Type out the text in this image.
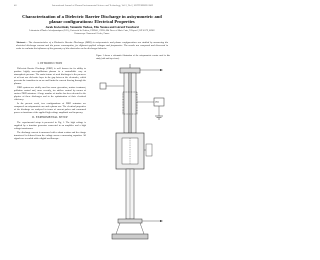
48	International Journal of Plasma Environmental Science and Technology, Vol.3, No.2, SEPTEMBER 2009
Characterization of a Dielectric Barrier Discharge in axisymmetric and planar configurations: Electrical Properties
Jacek Kwieciński, Venanziu Tudose, Elio Nesma and Gérard Touchard
Laboratoire d'Études Aérodynamiques (LEA), Université de Poitiers, ENSMA, CNRS; Bld Pierre et Marie Curie, Téléport 2, BP 30179, 86962 Futuroscope Chasseneuil Cedex, France
Abstract— The characteristics of a Dielectric Barrier Discharge (DBD) in axisymmetric and planar configurations are studied by measuring the electrical discharge current and the power consumption, for different applied voltages and frequencies. The results are compared and discussed in order to evaluate the influence of the geometry of the electrodes on the discharge behavior.
I. INTRODUCTION
Dielectric Barrier Discharge (DBD) is well known for its ability to produce highly non-equilibrium plasma in a controllable way at atmospheric pressure. The main feature of such discharges is the presence of at least one dielectric layer in the gap between the electrodes, which prevents the transition to an arc and limits the current flowing through the plasma.
DBD systems are widely used for ozone generation, surface treatment, pollution control and, more recently, for airflow control by means of surface DBD actuators. A large number of studies has been devoted to the physics of these discharges and to the optimization of their electrical efficiency.
In the present work, two configurations of DBD actuators are compared: an axisymmetric one and a planar one. The electrical properties of the discharge are analysed in terms of current pulses and consumed power as functions of the applied high voltage amplitude and frequency.
II. EXPERIMENTAL SETUP
The experimental setup is presented in Fig. 1. The high voltage is supplied by a function generator connected to an amplifier and a high voltage transformer.
The discharge current is measured with a shunt resistor and the charge transferred is deduced from the voltage across a measuring capacitor. All signals are recorded with a digital oscilloscope.
Figure 1 shows a schematic illustration of the axisymmetric reactor used in this study (side and top views).
HV
